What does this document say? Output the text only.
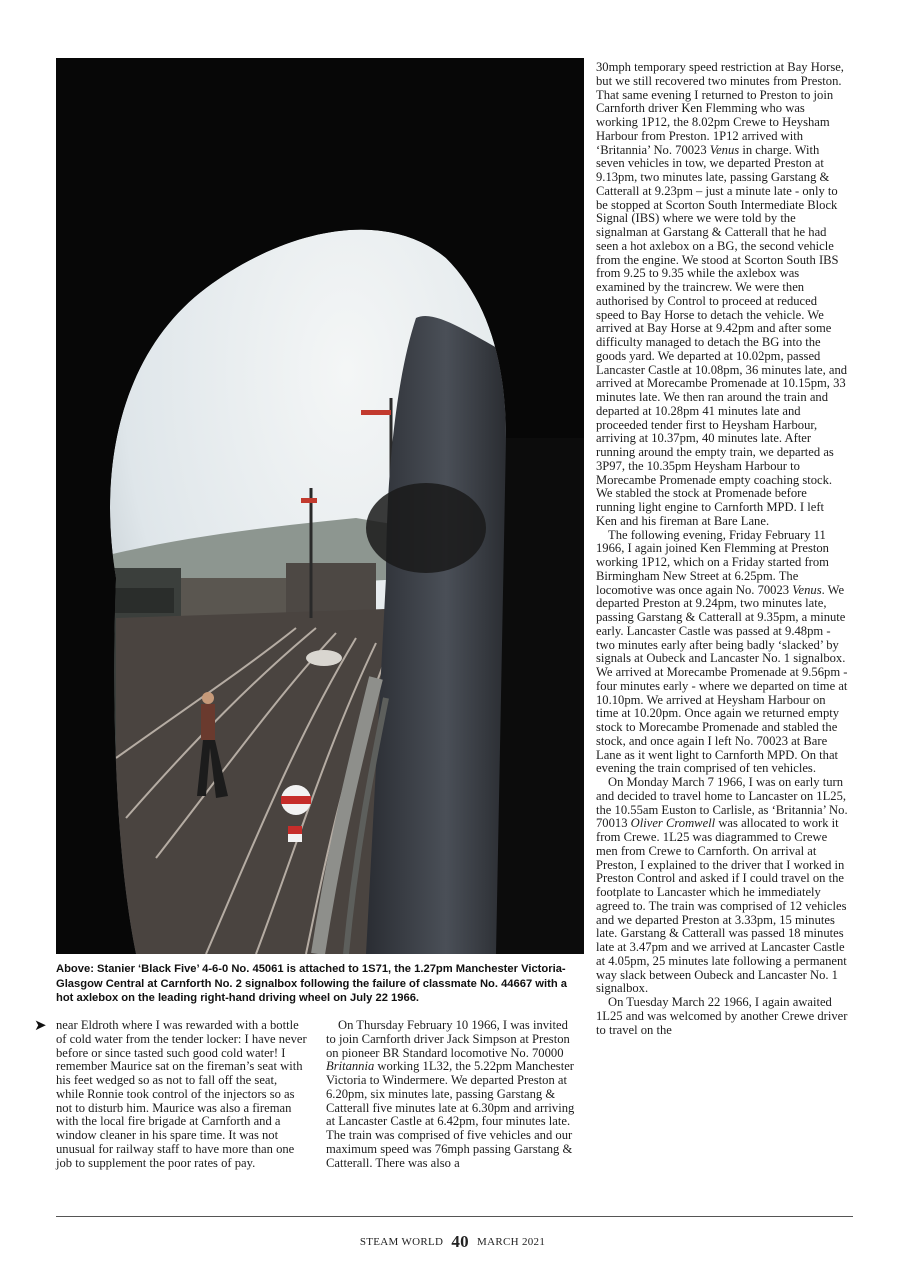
Above: Stanier ‘Black Five’ 4-6-0 No. 45061 is attached to 1S71, the 1.27pm Manchester Victoria-Glasgow Central at Carnforth No. 2 signalbox following the failure of classmate No. 44667 with a hot axlebox on the leading right-hand driving wheel on July 22 1966.
➤ near Eldroth where I was rewarded with a bottle of cold water from the tender locker: I have never before or since tasted such good cold water! I remember Maurice sat on the fireman’s seat with his feet wedged so as not to fall off the seat, while Ronnie took control of the injectors so as not to disturb him. Maurice was also a fireman with the local fire brigade at Carnforth and a window cleaner in his spare time. It was not unusual for railway staff to have more than one job to supplement the poor rates of pay.

On Thursday February 10 1966, I was invited to join Carnforth driver Jack Simpson at Preston on pioneer BR Standard locomotive No. 70000 Britannia working 1L32, the 5.22pm Manchester Victoria to Windermere. We departed Preston at 6.20pm, six minutes late, passing Garstang & Catterall five minutes late at 6.30pm and arriving at Lancaster Castle at 6.42pm, four minutes late. The train was comprised of five vehicles and our maximum speed was 76mph passing Garstang & Catterall. There was also a

30mph temporary speed restriction at Bay Horse, but we still recovered two minutes from Preston. That same evening I returned to Preston to join Carnforth driver Ken Flemming who was working 1P12, the 8.02pm Crewe to Heysham Harbour from Preston. 1P12 arrived with ‘Britannia’ No. 70023 Venus in charge. With seven vehicles in tow, we departed Preston at 9.13pm, two minutes late, passing Garstang & Catterall at 9.23pm – just a minute late - only to be stopped at Scorton South Intermediate Block Signal (IBS) where we were told by the signalman at Garstang & Catterall that he had seen a hot axlebox on a BG, the second vehicle from the engine. We stood at Scorton South IBS from 9.25 to 9.35 while the axlebox was examined by the traincrew. We were then authorised by Control to proceed at reduced speed to Bay Horse to detach the vehicle. We arrived at Bay Horse at 9.42pm and after some difficulty managed to detach the BG into the goods yard. We departed at 10.02pm, passed Lancaster Castle at 10.08pm, 36 minutes late, and arrived at Morecambe Promenade at 10.15pm, 33 minutes late. We then ran around the train and departed at 10.28pm 41 minutes late and proceeded tender first to Heysham Harbour, arriving at 10.37pm, 40 minutes late. After running around the empty train, we departed as 3P97, the 10.35pm Heysham Harbour to Morecambe Promenade empty coaching stock. We stabled the stock at Promenade before running light engine to Carnforth MPD. I left Ken and his fireman at Bare Lane.

The following evening, Friday February 11 1966, I again joined Ken Flemming at Preston working 1P12, which on a Friday started from Birmingham New Street at 6.25pm. The locomotive was once again No. 70023 Venus. We departed Preston at 9.24pm, two minutes late, passing Garstang & Catterall at 9.35pm, a minute early. Lancaster Castle was passed at 9.48pm - two minutes early after being badly ‘slacked’ by signals at Oubeck and Lancaster No. 1 signalbox. We arrived at Morecambe Promenade at 9.56pm - four minutes early - where we departed on time at 10.10pm. We arrived at Heysham Harbour on time at 10.20pm. Once again we returned empty stock to Morecambe Promenade and stabled the stock, and once again I left No. 70023 at Bare Lane as it went light to Carnforth MPD. On that evening the train comprised of ten vehicles.

On Monday March 7 1966, I was on early turn and decided to travel home to Lancaster on 1L25, the 10.55am Euston to Carlisle, as ‘Britannia’ No. 70013 Oliver Cromwell was allocated to work it from Crewe. 1L25 was diagrammed to Crewe men from Crewe to Carnforth. On arrival at Preston, I explained to the driver that I worked in Preston Control and asked if I could travel on the footplate to Lancaster which he immediately agreed to. The train was comprised of 12 vehicles and we departed Preston at 3.33pm, 15 minutes late. Garstang & Catterall was passed 18 minutes late at 3.47pm and we arrived at Lancaster Castle at 4.05pm, 25 minutes late following a permanent way slack between Oubeck and Lancaster No. 1 signalbox.

On Tuesday March 22 1966, I again awaited 1L25 and was welcomed by another Crewe driver to travel on the

STEAM WORLD 40 MARCH 2021
